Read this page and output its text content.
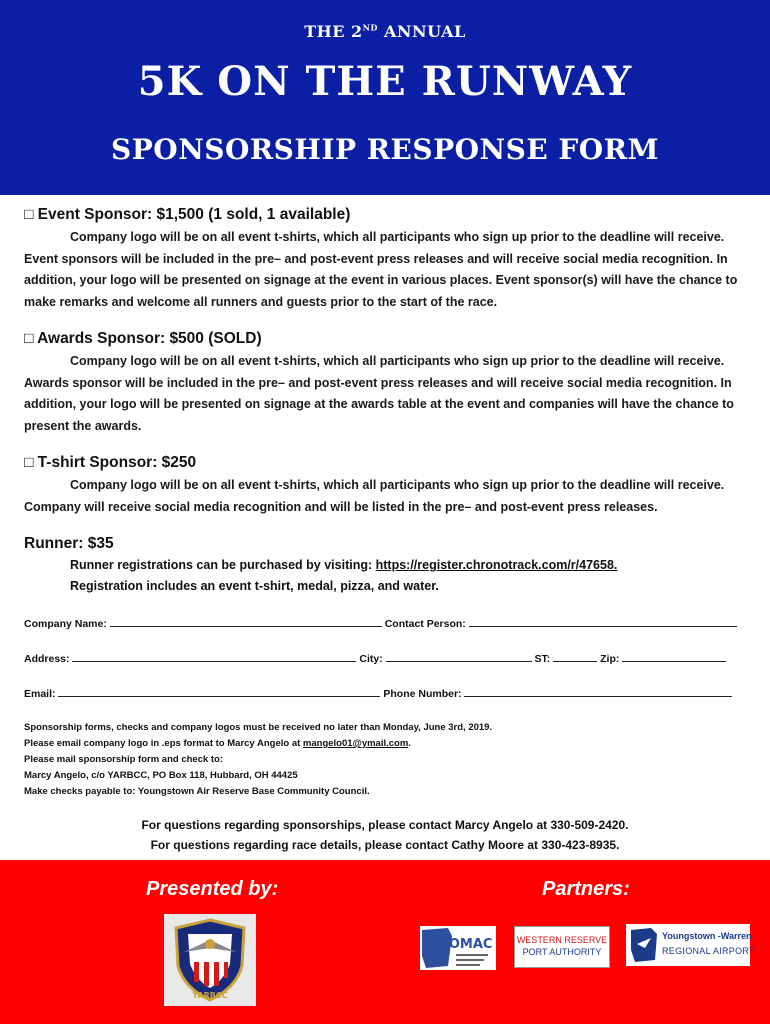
THE 2ND ANNUAL
5K ON THE RUNWAY
SPONSORSHIP RESPONSE FORM

□ Event Sponsor: $1,500 (1 sold, 1 available)

Company logo will be on all event t-shirts, which all participants who sign up prior to the deadline will receive. Event sponsors will be included in the pre– and post-event press releases and will receive social media recognition. In addition, your logo will be presented on signage at the event in various places. Event sponsor(s) will have the chance to make remarks and welcome all runners and guests prior to the start of the race.

□ Awards Sponsor: $500 (SOLD)

Company logo will be on all event t-shirts, which all participants who sign up prior to the deadline will receive. Awards sponsor will be included in the pre– and post-event press releases and will receive social media recognition. In addition, your logo will be presented on signage at the awards table at the event and companies will have the chance to present the awards.

□ T-shirt Sponsor: $250

Company logo will be on all event t-shirts, which all participants who sign up prior to the deadline will receive. Company will receive social media recognition and will be listed in the pre– and post-event press releases.

Runner: $35

Runner registrations can be purchased by visiting: https://register.chronotrack.com/r/47658.
Registration includes an event t-shirt, medal, pizza, and water.
Company Name:	Contact Person:
Address:	City:	ST:	Zip:
Email:	Phone Number:
Sponsorship forms, checks and company logos must be received no later than Monday, June 3rd, 2019.
Please email company logo in .eps format to Marcy Angelo at mangelo01@ymail.com.
Please mail sponsorship form and check to:
Marcy Angelo, c/o YARBCC, PO Box 118, Hubbard, OH 44425
Make checks payable to: Youngstown Air Reserve Base Community Council.
For questions regarding sponsorships, please contact Marcy Angelo at 330-509-2420.
For questions regarding race details, please contact Cathy Moore at 330-423-8935.
Presented by:	Partners:
YARBCC
EOMAC	WESTERN RESERVE
PORT AUTHORITY
Youngstown -Warren
REGIONAL AIRPORT
